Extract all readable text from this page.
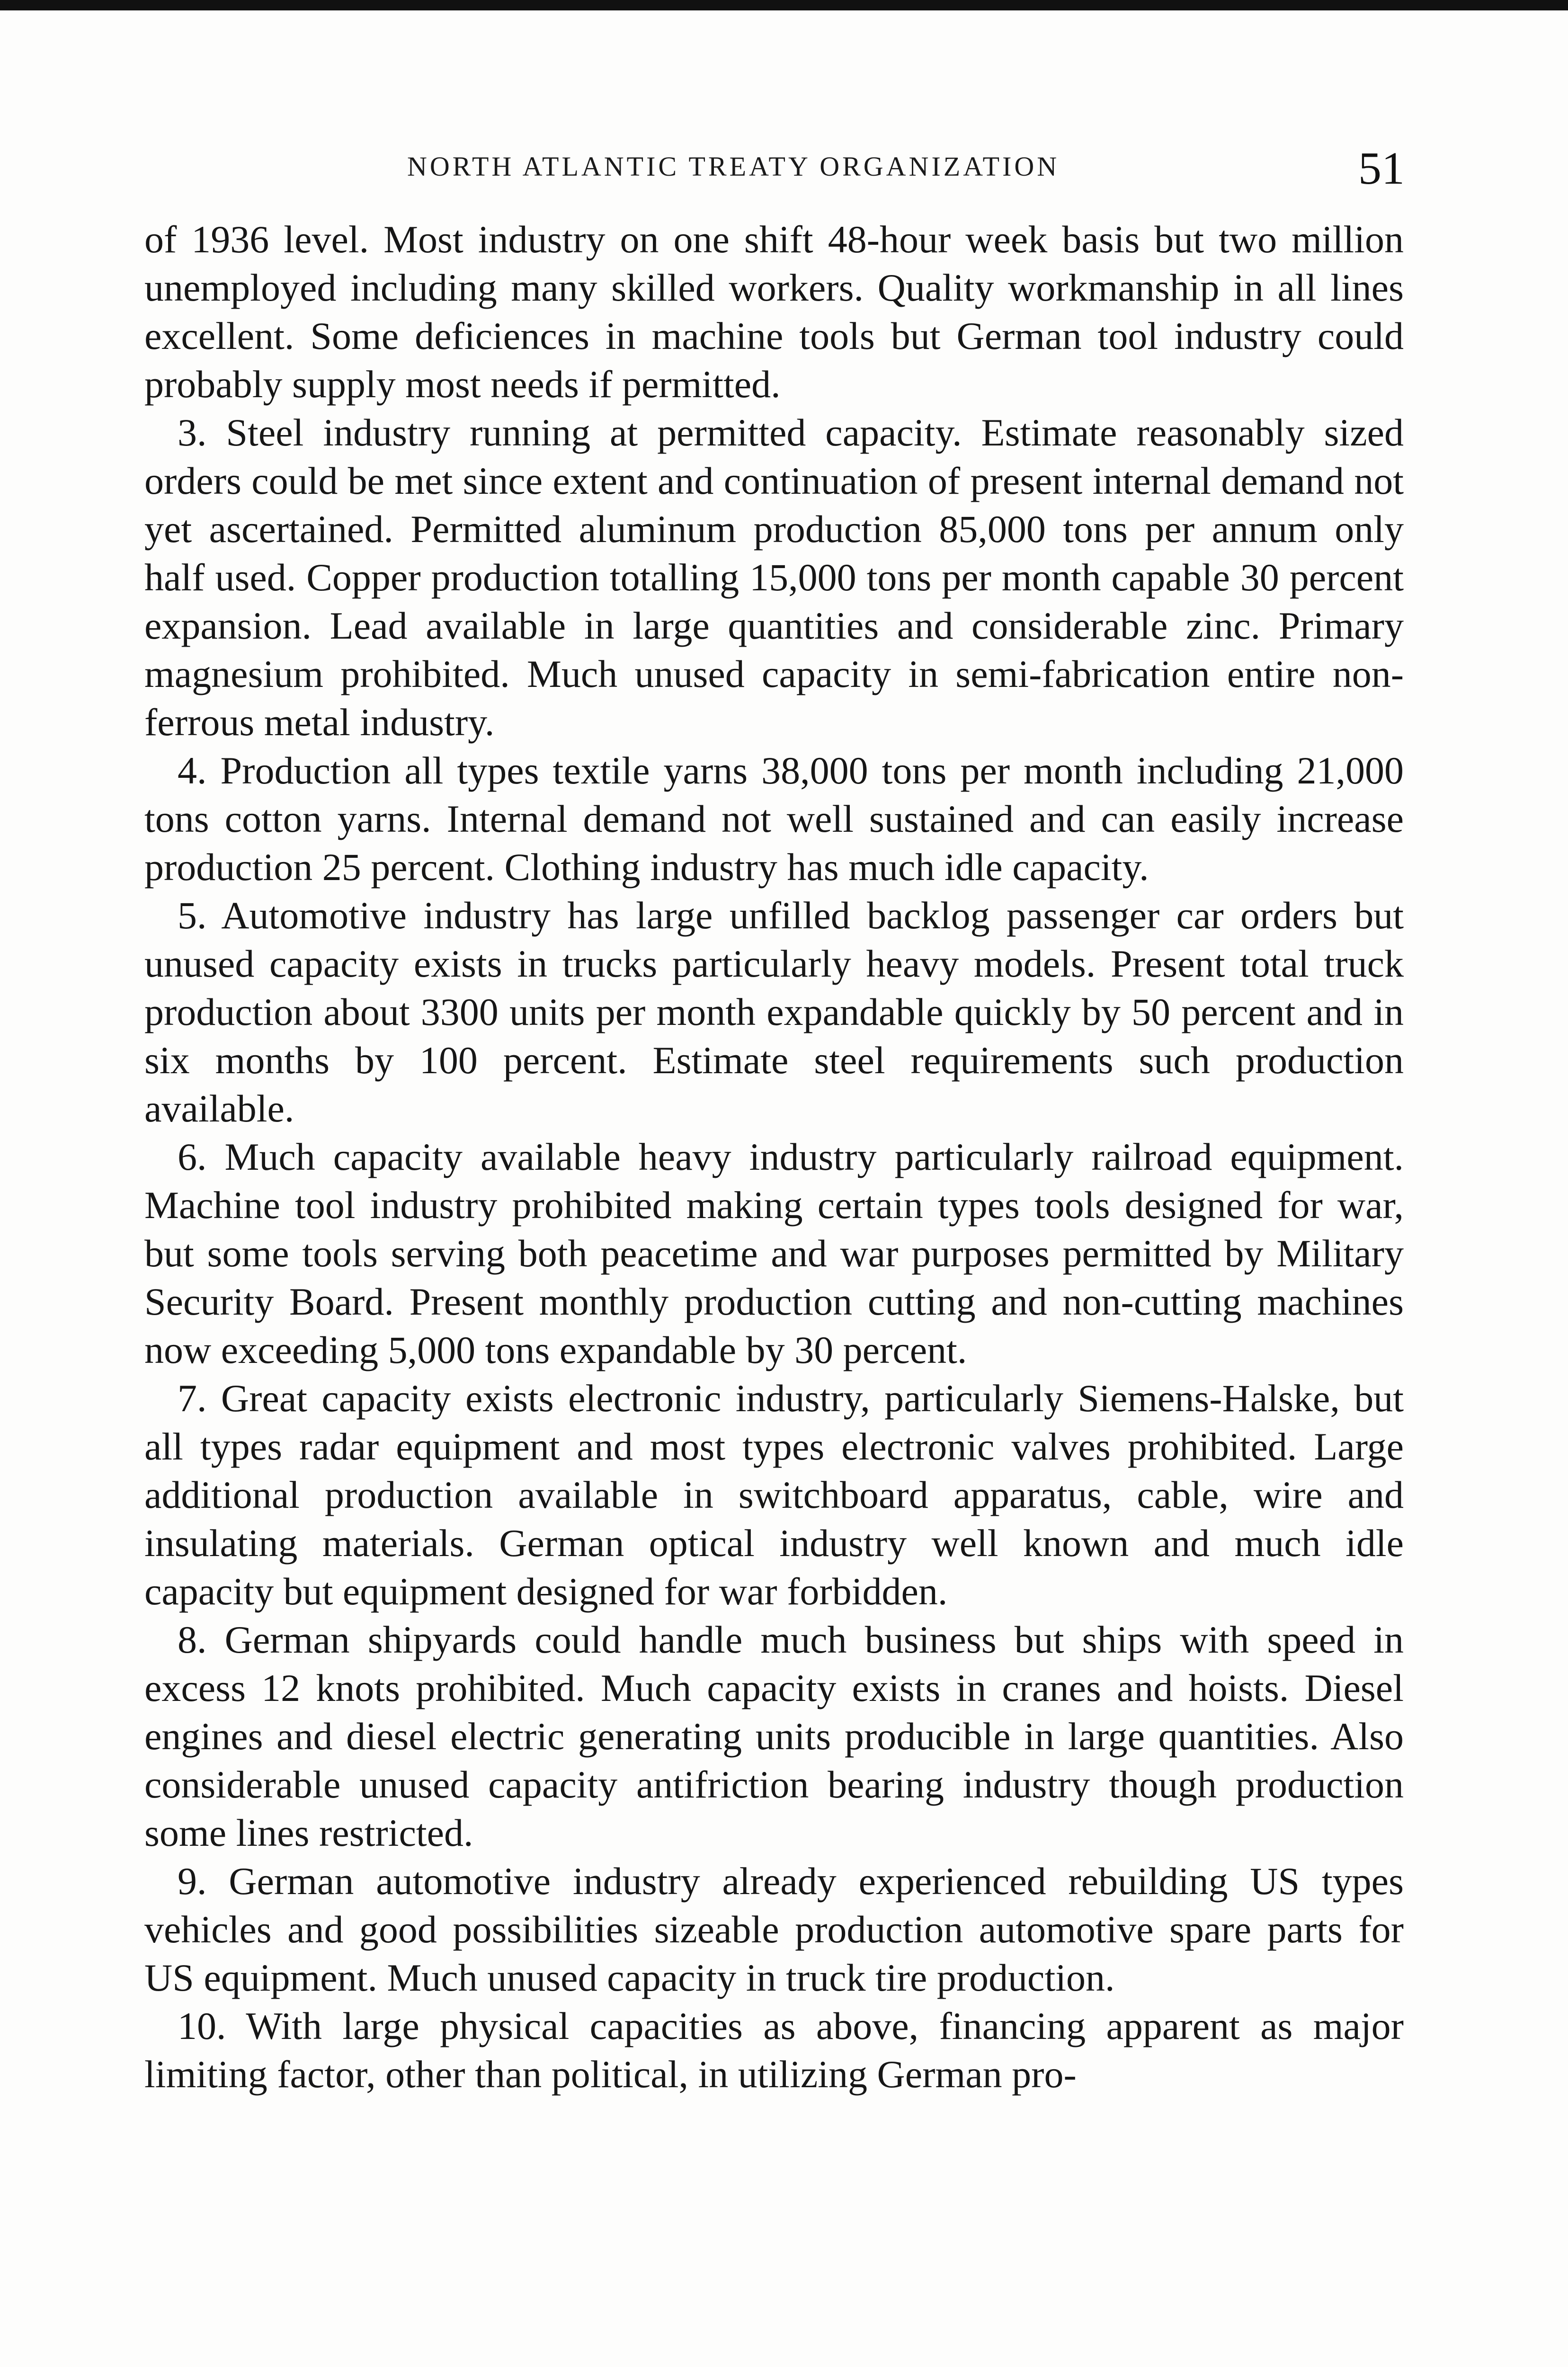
NORTH ATLANTIC TREATY ORGANIZATION	51

of 1936 level. Most industry on one shift 48-hour week basis but two million unemployed including many skilled workers. Quality workmanship in all lines excellent. Some deficiences in machine tools but German tool industry could probably supply most needs if permitted.

3. Steel industry running at permitted capacity. Estimate reasonably sized orders could be met since extent and continuation of present internal demand not yet ascertained. Permitted aluminum production 85,000 tons per annum only half used. Copper production totalling 15,000 tons per month capable 30 percent expansion. Lead available in large quantities and considerable zinc. Primary magnesium prohibited. Much unused capacity in semi-fabrication entire non-ferrous metal industry.

4. Production all types textile yarns 38,000 tons per month including 21,000 tons cotton yarns. Internal demand not well sustained and can easily increase production 25 percent. Clothing industry has much idle capacity.

5. Automotive industry has large unfilled backlog passenger car orders but unused capacity exists in trucks particularly heavy models. Present total truck production about 3300 units per month expandable quickly by 50 percent and in six months by 100 percent. Estimate steel requirements such production available.

6. Much capacity available heavy industry particularly railroad equipment. Machine tool industry prohibited making certain types tools designed for war, but some tools serving both peacetime and war purposes permitted by Military Security Board. Present monthly production cutting and non-cutting machines now exceeding 5,000 tons expandable by 30 percent.

7. Great capacity exists electronic industry, particularly Siemens-Halske, but all types radar equipment and most types electronic valves prohibited. Large additional production available in switchboard apparatus, cable, wire and insulating materials. German optical industry well known and much idle capacity but equipment designed for war forbidden.

8. German shipyards could handle much business but ships with speed in excess 12 knots prohibited. Much capacity exists in cranes and hoists. Diesel engines and diesel electric generating units producible in large quantities. Also considerable unused capacity antifriction bearing industry though production some lines restricted.

9. German automotive industry already experienced rebuilding US types vehicles and good possibilities sizeable production automotive spare parts for US equipment. Much unused capacity in truck tire production.

10. With large physical capacities as above, financing apparent as major limiting factor, other than political, in utilizing German pro-
